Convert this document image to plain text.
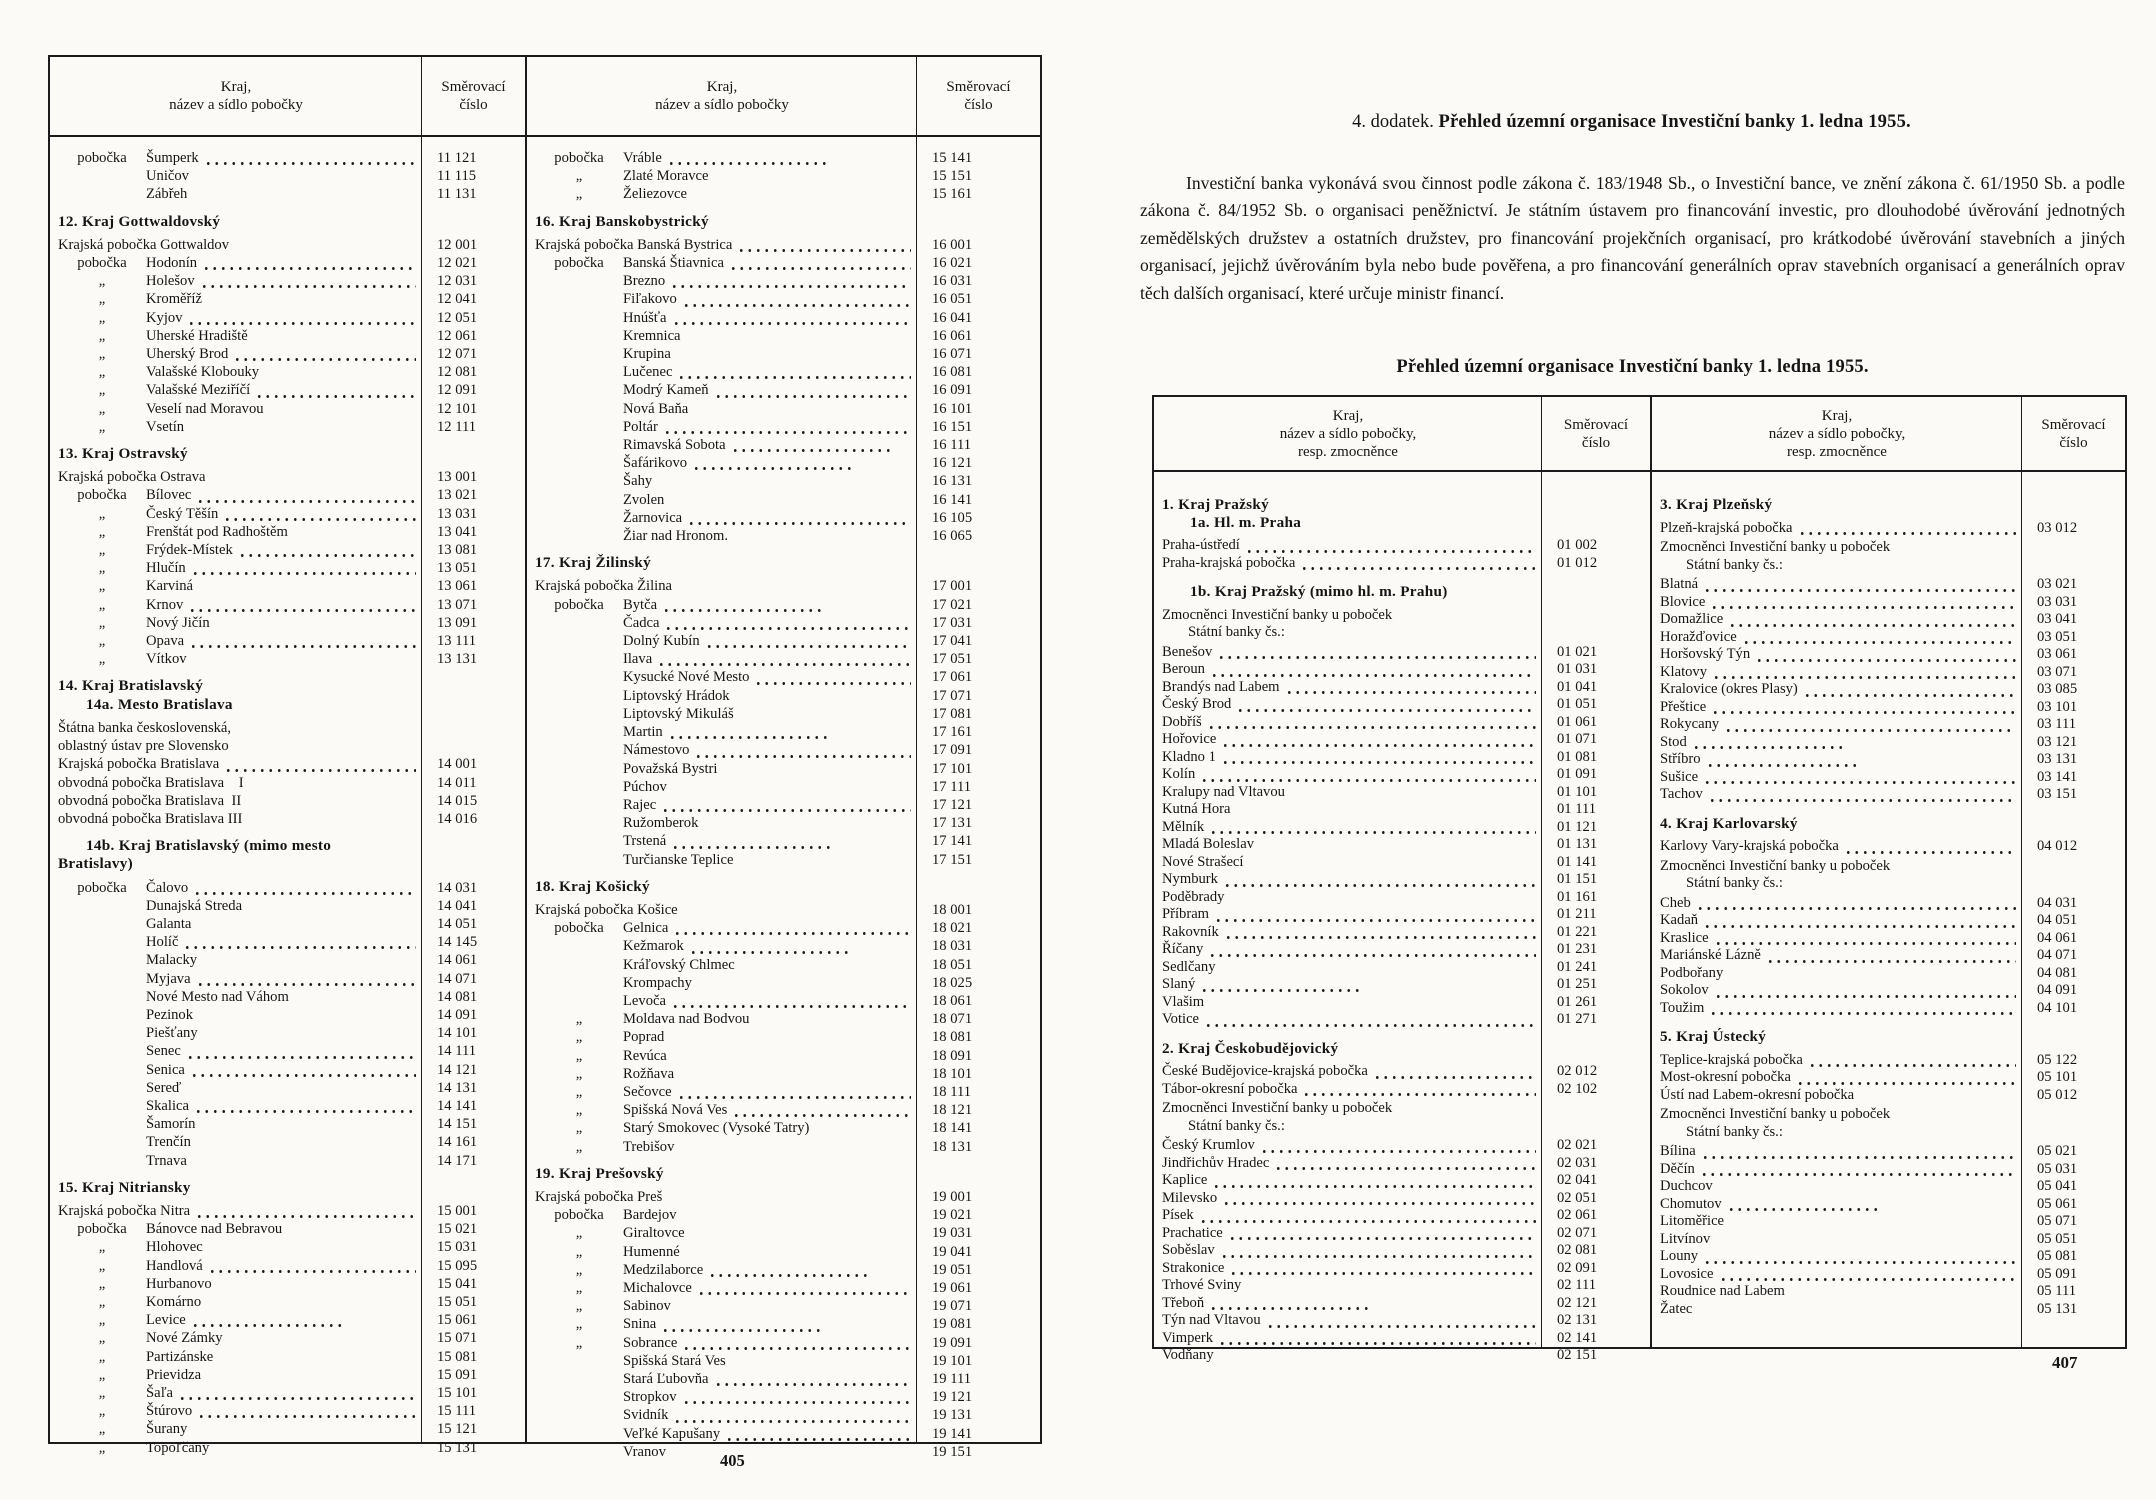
Kraj,
název a sídlo pobočky
Směrovací
číslo
pobočka	Šumperk	11 121
Uničov	11 115
Zábřeh	11 131
12. Kraj Gottwaldovský
Krajská pobočka Gottwaldov	12 001
pobočka	Hodonín	12 021
„	Holešov	12 031
„	Kroměříž	12 041
„	Kyjov	12 051
„	Uherské Hradiště	12 061
„	Uherský Brod	12 071
„	Valašské Klobouky	12 081
„	Valašské Meziříčí	12 091
„	Veselí nad Moravou	12 101
„	Vsetín	12 111
13. Kraj Ostravský
Krajská pobočka Ostrava	13 001
pobočka	Bílovec	13 021
„	Český Těšín	13 031
„	Frenštát pod Radhoštěm	13 041
„	Frýdek-Místek	13 081
„	Hlučín	13 051
„	Karviná	13 061
„	Krnov	13 071
„	Nový Jičín	13 091
„	Opava	13 111
„	Vítkov	13 131
14. Kraj Bratislavský
14a. Mesto Bratislava
Štátna banka československá,
oblastný ústav pre Slovensko
Krajská pobočka Bratislava	14 001
obvodná pobočka Bratislava  I	14 011
obvodná pobočka Bratislava II	14 015
obvodná pobočka Bratislava III	14 016
14b. Kraj Bratislavský (mimo mesto
Bratislavy)
pobočka	Čalovo	14 031
Dunajská Streda	14 041
Galanta	14 051
Holíč	14 145
Malacky	14 061
Myjava	14 071
Nové Mesto nad Váhom	14 081
Pezinok	14 091
Piešťany	14 101
Senec	14 111
Senica	14 121
Sereď	14 131
Skalica	14 141
Šamorín	14 151
Trenčín	14 161
Trnava	14 171
15. Kraj Nitriansky
Krajská pobočka Nitra	15 001
pobočka	Bánovce nad Bebravou	15 021
„	Hlohovec	15 031
„	Handlová	15 095
„	Hurbanovo	15 041
„	Komárno	15 051
„	Levice	15 061
„	Nové Zámky	15 071
„	Partizánske	15 081
„	Prievidza	15 091
„	Šaľa	15 101
„	Štúrovo	15 111
„	Šurany	15 121
„	Topoľčany	15 131
Kraj,
název a sídlo pobočky
Směrovací
číslo
pobočka	Vráble	15 141
„	Zlaté Moravce	15 151
„	Želiezovce	15 161
16. Kraj Banskobystrický
Krajská pobočka Banská Bystrica	16 001
pobočka	Banská Štiavnica	16 021
Brezno	16 031
Fiľakovo	16 051
Hnúšťa	16 041
Kremnica	16 061
Krupina	16 071
Lučenec	16 081
Modrý Kameň	16 091
Nová Baňa	16 101
Poltár	16 151
Rimavská Sobota	16 111
Šafárikovo	16 121
Šahy	16 131
Zvolen	16 141
Žarnovica	16 105
Žiar nad Hronom.	16 065
17. Kraj Žilinský
Krajská pobočka Žilina	17 001
pobočka	Bytča	17 021
Čadca	17 031
Dolný Kubín	17 041
Ilava	17 051
Kysucké Nové Mesto	17 061
Liptovský Hrádok	17 071
Liptovský Mikuláš	17 081
Martin	17 161
Námestovo	17 091
Považská Bystri	17 101
Púchov	17 111
Rajec	17 121
Ružomberok	17 131
Trstená	17 141
Turčianske Teplice	17 151
18. Kraj Košický
Krajská pobočka Košice	18 001
pobočka	Gelnica	18 021
Kežmarok	18 031
Kráľovský Chlmec	18 051
Krompachy	18 025
Levoča	18 061
„	Moldava nad Bodvou	18 071
„	Poprad	18 081
„	Revúca	18 091
„	Rožňava	18 101
„	Sečovce	18 111
„	Spišská Nová Ves	18 121
„	Starý Smokovec (Vysoké Tatry)	18 141
„	Trebišov	18 131
19. Kraj Prešovský
Krajská pobočka Preš	19 001
pobočka	Bardejov	19 021
„	Giraltovce	19 031
„	Humenné	19 041
„	Medzilaborce	19 051
„	Michalovce	19 061
„	Sabinov	19 071
„	Snina	19 081
„	Sobrance	19 091
Spišská Stará Ves	19 101
Stará Ľubovňa	19 111
Stropkov	19 121
Svidník	19 131
Veľké Kapušany	19 141
Vranov	19 151
405
4. dodatek. Přehled územní organisace Investiční banky 1. ledna 1955.

Investiční banka vykonává svou činnost podle zákona č. 183/1948 Sb., o Investiční bance, ve znění zákona č. 61/1950 Sb. a podle zákona č. 84/1952 Sb. o organisaci peněžnictví. Je státním ústavem pro financování investic, pro dlouhodobé úvěrování jednotných zemědělských družstev a ostatních družstev, pro financování projekčních organisací, pro krátkodobé úvěrování stavebních a jiných organisací, jejichž úvěrováním byla nebo bude pověřena, a pro financování generálních oprav stavebních organisací a generálních oprav těch dalších organisací, které určuje ministr financí.

Přehled územní organisace Investiční banky 1. ledna 1955.
Kraj,
název a sídlo pobočky,
resp. zmocněnce
Směrovací
číslo
1. Kraj Pražský
1a. Hl. m. Praha
Praha-ústředí	01 002
Praha-krajská pobočka	01 012
1b. Kraj Pražský (mimo hl. m. Prahu)
Zmocněnci Investiční banky u poboček
Státní banky čs.:
Benešov	01 021
Beroun	01 031
Brandýs nad Labem	01 041
Český Brod	01 051
Dobříš	01 061
Hořovice	01 071
Kladno 1	01 081
Kolín	01 091
Kralupy nad Vltavou	01 101
Kutná Hora	01 111
Mělník	01 121
Mladá Boleslav	01 131
Nové Strašecí	01 141
Nymburk	01 151
Poděbrady	01 161
Příbram	01 211
Rakovník	01 221
Říčany	01 231
Sedlčany	01 241
Slaný	01 251
Vlašim	01 261
Votice	01 271
2. Kraj Českobudějovický
České Budějovice-krajská pobočka	02 012
Tábor-okresní pobočka	02 102
Zmocněnci Investiční banky u poboček
Státní banky čs.:
Český Krumlov	02 021
Jindřichův Hradec	02 031
Kaplice	02 041
Milevsko	02 051
Písek	02 061
Prachatice	02 071
Soběslav	02 081
Strakonice	02 091
Trhové Sviny	02 111
Třeboň	02 121
Týn nad Vltavou	02 131
Vimperk	02 141
Vodňany	02 151
Kraj,
název a sídlo pobočky,
resp. zmocněnce
Směrovací
číslo
3. Kraj Plzeňský
Plzeň-krajská pobočka	03 012
Zmocněnci Investiční banky u poboček
Státní banky čs.:
Blatná	03 021
Blovice	03 031
Domažlice	03 041
Horažďovice	03 051
Horšovský Týn	03 061
Klatovy	03 071
Kralovice (okres Plasy)	03 085
Přeštice	03 101
Rokycany	03 111
Stod	03 121
Stříbro	03 131
Sušice	03 141
Tachov	03 151
4. Kraj Karlovarský
Karlovy Vary-krajská pobočka	04 012
Zmocněnci Investiční banky u poboček
Státní banky čs.:
Cheb	04 031
Kadaň	04 051
Kraslice	04 061
Mariánské Lázně	04 071
Podbořany	04 081
Sokolov	04 091
Toužim	04 101
5. Kraj Ústecký
Teplice-krajská pobočka	05 122
Most-okresní pobočka	05 101
Ústí nad Labem-okresní pobočka	05 012
Zmocněnci Investiční banky u poboček
Státní banky čs.:
Bílina	05 021
Děčín	05 031
Duchcov	05 041
Chomutov	05 061
Litoměřice	05 071
Litvínov	05 051
Louny	05 081
Lovosice	05 091
Roudnice nad Labem	05 111
Žatec	05 131
407
